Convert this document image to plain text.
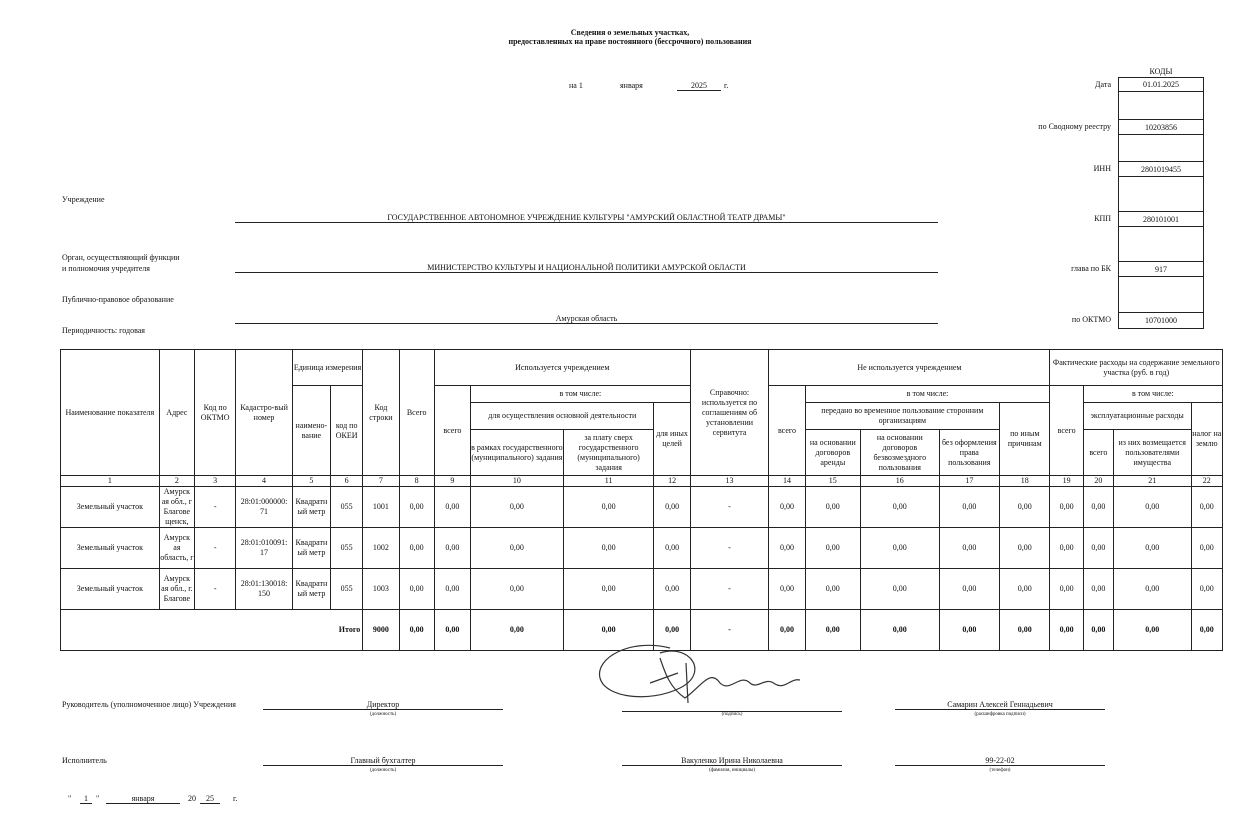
Сведения о земельных участках,
предоставленных на праве постоянного (бессрочного) пользования
на 1	января	2025	г.
КОДЫ
01.01.2025
Дата
10203856
по Сводному реестру
2801019455
ИНН
280101001
КПП
917
глава по БК
10701000
по ОКТМО
Учреждение
ГОСУДАРСТВЕННОЕ АВТОНОМНОЕ УЧРЕЖДЕНИЕ КУЛЬТУРЫ "АМУРСКИЙ ОБЛАСТНОЙ ТЕАТР ДРАМЫ"
Орган, осуществляющий функции
и полномочия учредителя	МИНИСТЕРСТВО КУЛЬТУРЫ И НАЦИОНАЛЬНОЙ ПОЛИТИКИ АМУРСКОЙ ОБЛАСТИ
Публично-правовое образование
Амурская область
Периодичность: годовая
Наименование показателя	Адрес	Код по ОКТМО	Кадастро-вый номер	Единица измерения		Код строки	Всего	Используется учреждением				Справочно: используется по соглашениям об установлении сервитута	Не используется учреждением					Фактические расходы на содержание земельного участка (руб. в год)			
				наимено-вание	код по ОКЕИ			всего	в том числе:				всего	в том числе:				всего	в том числе:		
									для осуществления основной деятельности		для иных целей			передано во временное пользование сторонним организациям			по иным причинам		эксплуатационные расходы		налог на землю
									в рамках государственного (муниципального) задания	за плату сверх государственного (муниципального) задания				на основании договоров аренды	на основании договоров безвозмездного пользования	без оформления права пользования			всего	из них возмещается пользователями имущества	
1	2	3	4	5	6	7	8	9	10	11	12	13	14	15	16	17	18	19	20	21	22
Земельный участок	Амурск ая обл., г Благове щенск,	-	28:01:000000: 71	Квадратн ый метр	055	1001	0,00	0,00	0,00	0,00	0,00	-	0,00	0,00	0,00	0,00	0,00	0,00	0,00	0,00	0,00
Земельный участок	Амурск ая область, г	-	28:01:010091: 17	Квадратн ый метр	055	1002	0,00	0,00	0,00	0,00	0,00	-	0,00	0,00	0,00	0,00	0,00	0,00	0,00	0,00	0,00
Земельный участок	Амурск ая обл., г. Благове	-	28:01:130018: 150	Квадратн ый метр	055	1003	0,00	0,00	0,00	0,00	0,00	-	0,00	0,00	0,00	0,00	0,00	0,00	0,00	0,00	0,00
Итого						9000	0,00	0,00	0,00	0,00	0,00	-	0,00	0,00	0,00	0,00	0,00	0,00	0,00	0,00	0,00
Руководитель (уполномоченное лицо) Учреждения	Директор
(должность)	(подпись)
Самарин Алексей Геннадьевич
(расшифровка подписи)
Исполнитель	Главный бухгалтер
(должность)
Вакуленко Ирина Николаевна
(фамилия, инициалы)
99-22-02
(телефон)
"	1	"	января	20	25	г.
